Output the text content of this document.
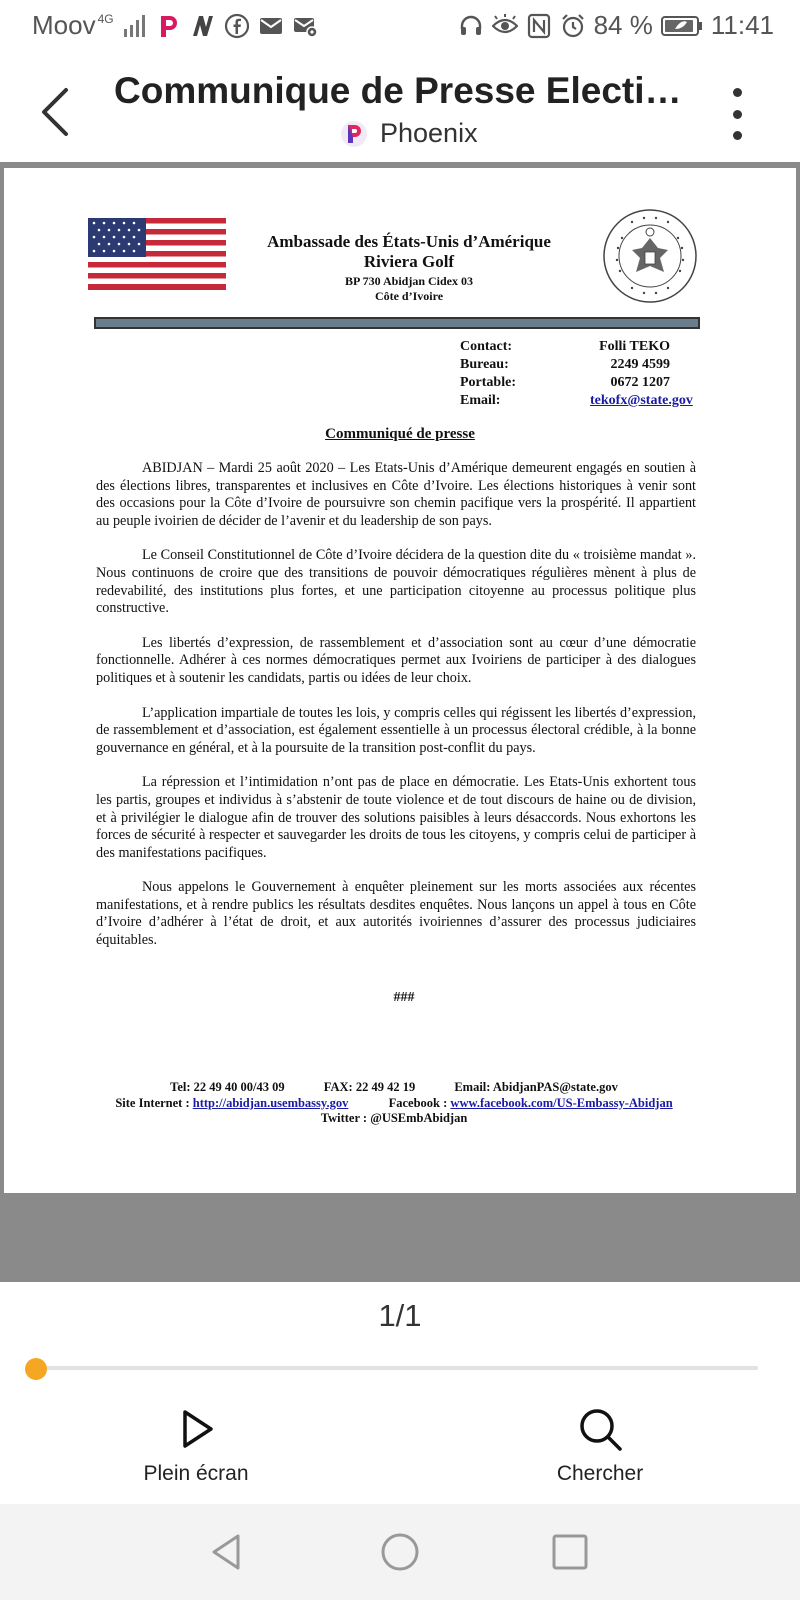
Moov 4G	84 % 11:41
Communique de Presse Electio…
Phoenix
Ambassade des États-Unis d’Amérique
Riviera Golf
BP 730 Abidjan Cidex 03
Côte d’Ivoire
Contact:	Folli TEKO
Bureau:	2249 4599
Portable:	0672 1207
Email:	tekofx@state.gov
Communiqué de presse

ABIDJAN – Mardi 25 août 2020 – Les Etats-Unis d’Amérique demeurent engagés en soutien à des élections libres, transparentes et inclusives en Côte d’Ivoire. Les élections historiques à venir sont des occasions pour la Côte d’Ivoire de poursuivre son chemin pacifique vers la prospérité. Il appartient au peuple ivoirien de décider de l’avenir et du leadership de son pays.

Le Conseil Constitutionnel de Côte d’Ivoire décidera de la question dite du « troisième mandat ». Nous continuons de croire que des transitions de pouvoir démocratiques régulières mènent à plus de redevabilité, des institutions plus fortes, et une participation citoyenne au processus politique plus constructive.

Les libertés d’expression, de rassemblement et d’association sont au cœur d’une démocratie fonctionnelle. Adhérer à ces normes démocratiques permet aux Ivoiriens de participer à des dialogues politiques et à soutenir les candidats, partis ou idées de leur choix.

L’application impartiale de toutes les lois, y compris celles qui régissent les libertés d’expression, de rassemblement et d’association, est également essentielle à un processus électoral crédible, à la bonne gouvernance en général, et à la poursuite de la transition post-conflit du pays.

La répression et l’intimidation n’ont pas de place en démocratie. Les Etats-Unis exhortent tous les partis, groupes et individus à s’abstenir de toute violence et de tout discours de haine ou de division, et à privilégier le dialogue afin de trouver des solutions paisibles à leurs désaccords. Nous exhortons les forces de sécurité à respecter et sauvegarder les droits de tous les citoyens, y compris celui de participer à des manifestations pacifiques.

Nous appelons le Gouvernement à enquêter pleinement sur les morts associées aux récentes manifestations, et à rendre publics les résultats desdites enquêtes. Nous lançons un appel à tous en Côte d’Ivoire d’adhérer à l’état de droit, et aux autorités ivoiriennes d’assurer des processus judiciaires équitables.

###
Tel: 22 49 40 00/43 09	FAX: 22 49 42 19	Email: AbidjanPAS@state.gov
Site Internet : http://abidjan.usembassy.gov	Facebook : www.facebook.com/US-Embassy-Abidjan
Twitter : @USEmbAbidjan
1/1
Plein écran	Chercher
